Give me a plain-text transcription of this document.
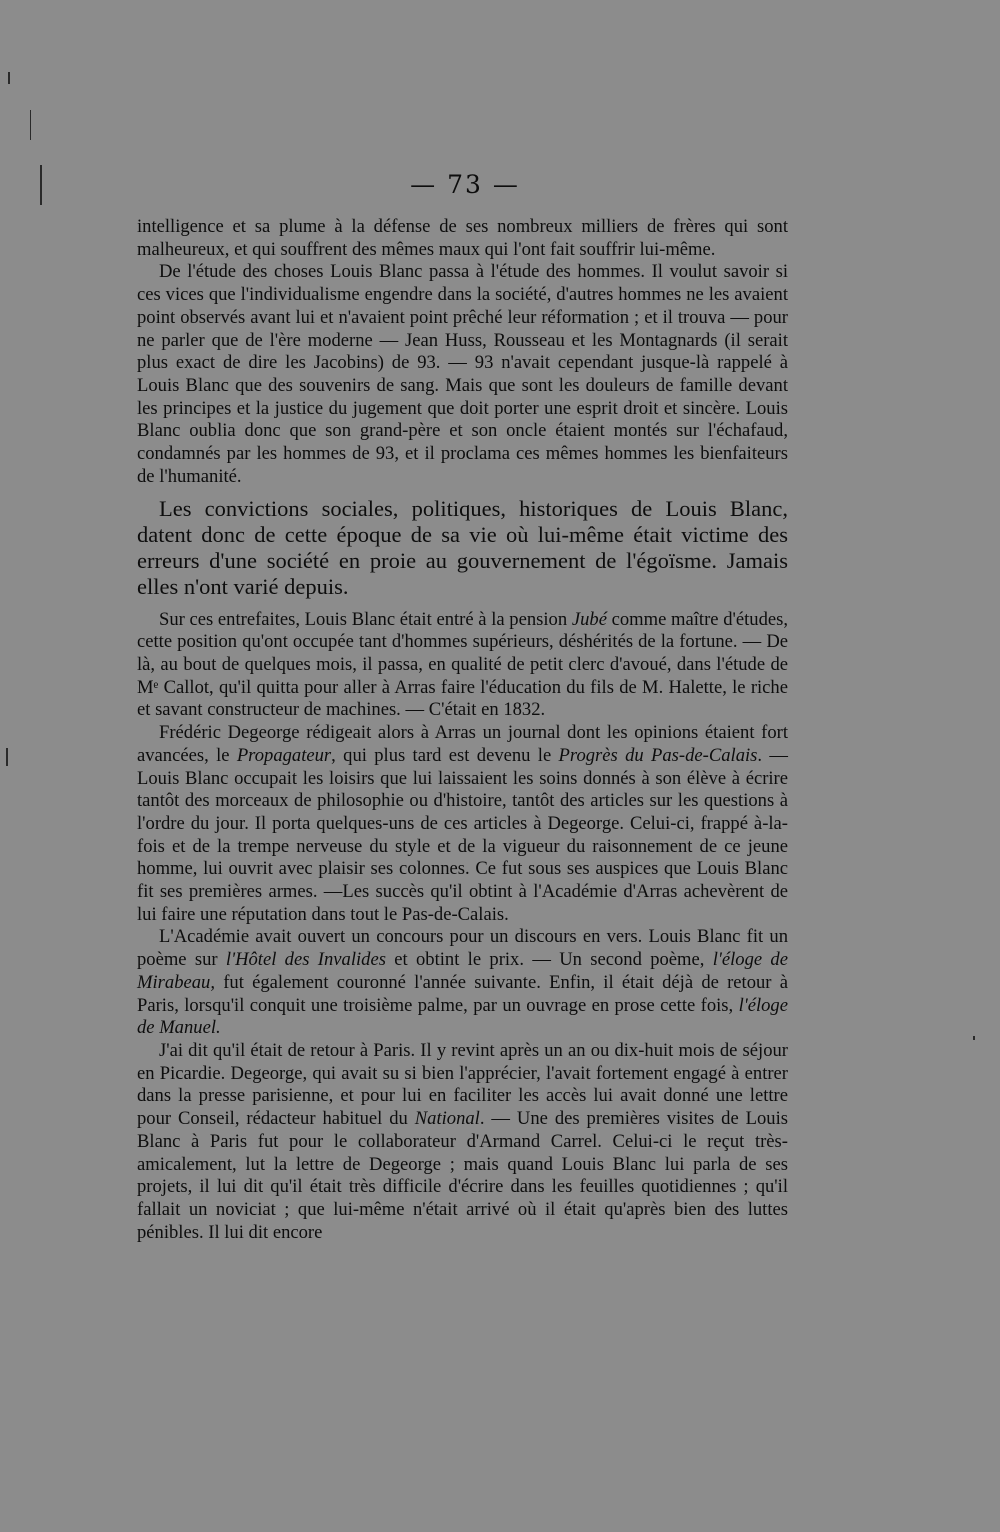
— 73 —

intelligence et sa plume à la défense de ses nombreux milliers de frères qui sont malheureux, et qui souffrent des mêmes maux qui l'ont fait souffrir lui-même.

De l'étude des choses Louis Blanc passa à l'étude des hommes. Il voulut savoir si ces vices que l'individualisme engendre dans la société, d'autres hommes ne les avaient point observés avant lui et n'avaient point prêché leur réformation ; et il trouva — pour ne parler que de l'ère moderne — Jean Huss, Rousseau et les Montagnards (il serait plus exact de dire les Jacobins) de 93. — 93 n'avait cependant jusque-là rappelé à Louis Blanc que des souvenirs de sang. Mais que sont les douleurs de famille devant les principes et la justice du jugement que doit porter une esprit droit et sincère. Louis Blanc oublia donc que son grand-père et son oncle étaient montés sur l'échafaud, condamnés par les hommes de 93, et il proclama ces mêmes hommes les bienfaiteurs de l'humanité.

Les convictions sociales, politiques, historiques de Louis Blanc, datent donc de cette époque de sa vie où lui-même était victime des erreurs d'une société en proie au gouvernement de l'égoïsme. Jamais elles n'ont varié depuis.

Sur ces entrefaites, Louis Blanc était entré à la pension Jubé comme maître d'études, cette position qu'ont occupée tant d'hommes supérieurs, déshérités de la fortune. — De là, au bout de quelques mois, il passa, en qualité de petit clerc d'avoué, dans l'étude de Mᵉ Callot, qu'il quitta pour aller à Arras faire l'éducation du fils de M. Halette, le riche et savant constructeur de machines. — C'était en 1832.

Frédéric Degeorge rédigeait alors à Arras un journal dont les opinions étaient fort avancées, le Propagateur, qui plus tard est devenu le Progrès du Pas-de-Calais. — Louis Blanc occupait les loisirs que lui laissaient les soins donnés à son élève à écrire tantôt des morceaux de philosophie ou d'histoire, tantôt des articles sur les questions à l'ordre du jour. Il porta quelques-uns de ces articles à Degeorge. Celui-ci, frappé à-la-fois et de la trempe nerveuse du style et de la vigueur du raisonnement de ce jeune homme, lui ouvrit avec plaisir ses colonnes. Ce fut sous ses auspices que Louis Blanc fit ses premières armes. —Les succès qu'il obtint à l'Académie d'Arras achevèrent de lui faire une réputation dans tout le Pas-de-Calais.

L'Académie avait ouvert un concours pour un discours en vers. Louis Blanc fit un poème sur l'Hôtel des Invalides et obtint le prix. — Un second poème, l'éloge de Mirabeau, fut également couronné l'année suivante. Enfin, il était déjà de retour à Paris, lorsqu'il conquit une troisième palme, par un ouvrage en prose cette fois, l'éloge de Manuel.

J'ai dit qu'il était de retour à Paris. Il y revint après un an ou dix-huit mois de séjour en Picardie. Degeorge, qui avait su si bien l'apprécier, l'avait fortement engagé à entrer dans la presse parisienne, et pour lui en faciliter les accès lui avait donné une lettre pour Conseil, rédacteur habituel du National. — Une des premières visites de Louis Blanc à Paris fut pour le collaborateur d'Armand Carrel. Celui-ci le reçut très-amicalement, lut la lettre de Degeorge ; mais quand Louis Blanc lui parla de ses projets, il lui dit qu'il était très difficile d'écrire dans les feuilles quotidiennes ; qu'il fallait un noviciat ; que lui-même n'était arrivé où il était qu'après bien des luttes pénibles. Il lui dit encore
